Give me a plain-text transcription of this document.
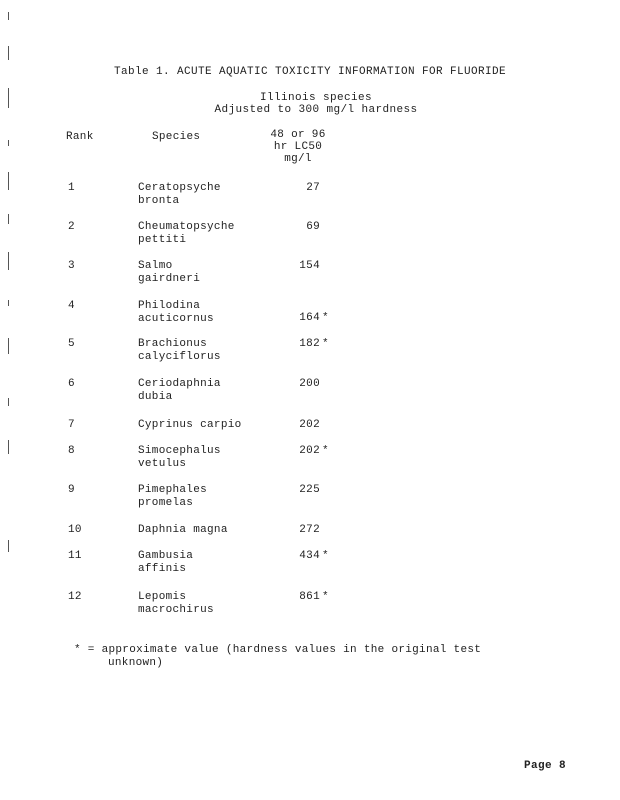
Table 1. ACUTE AQUATIC TOXICITY INFORMATION FOR FLUORIDE
Illinois species
Adjusted to 300 mg/l hardness
Rank	Species	48 or 96
hr LC50
mg/l
1	Ceratopsyche
bronta
27
2	Cheumatopsyche
pettiti
69
3	Salmo
gairdneri
154
4	Philodina
acuticornus	164 *
5	Brachionus
calyciflorus
182 *
6	Ceriodaphnia
dubia
200
7	Cyprinus carpio	202
8	Simocephalus
vetulus
202 *
9	Pimephales
promelas
225
10	Daphnia magna	272
11	Gambusia
affinis
434 *
12	Lepomis
macrochirus
861 *
* = approximate value (hardness values in the original test
unknown)
Page 8
